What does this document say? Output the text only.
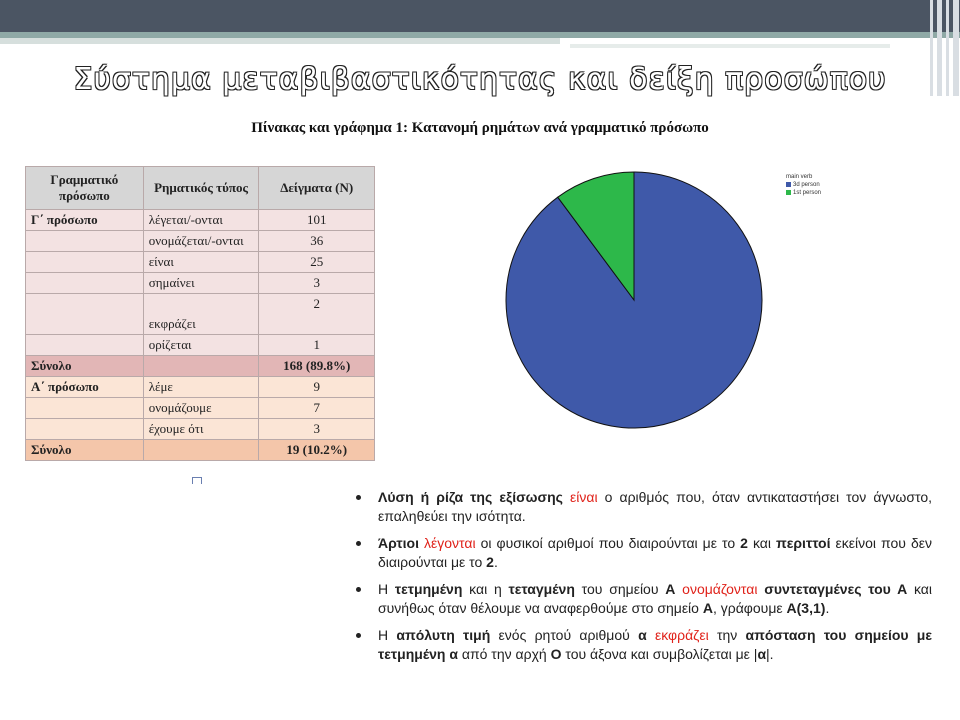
Σύστημα μεταβιβαστικότητας και δείξη προσώπου
Πίνακας και γράφημα 1: Κατανομή ρημάτων ανά γραμματικό πρόσωπο
Γραμματικό πρόσωπο	Ρηματικός τύπος	Δείγματα (N)
Γ΄ πρόσωπο	λέγεται/-ονται	101
	ονομάζεται/-ονται	36
	είναι	25
	σημαίνει	3
	εκφράζει	2
	ορίζεται	1
Σύνολο		168 (89.8%)
Α΄ πρόσωπο	λέμε	9
	ονομάζουμε	7
	έχουμε ότι	3
Σύνολο		19 (10.2%)
main verb
3d person
1st person
Λύση ή ρίζα της εξίσωσης είναι ο αριθμός που, όταν αντικαταστήσει τον άγνωστο, επαληθεύει την ισότητα.
Άρτιοι λέγονται οι φυσικοί αριθμοί που διαιρούνται με το 2 και περιττοί εκείνοι που δεν διαιρούνται με το 2.
Η τετμημένη και η τεταγμένη του σημείου Α ονομάζονται συντεταγμένες του Α και συνήθως όταν θέλουμε να αναφερθούμε στο σημείο Α, γράφουμε Α(3,1).
Η απόλυτη τιμή ενός ρητού αριθμού α εκφράζει την απόσταση του σημείου με τετμημένη α από την αρχή Ο του άξονα και συμβολίζεται με |α|.
